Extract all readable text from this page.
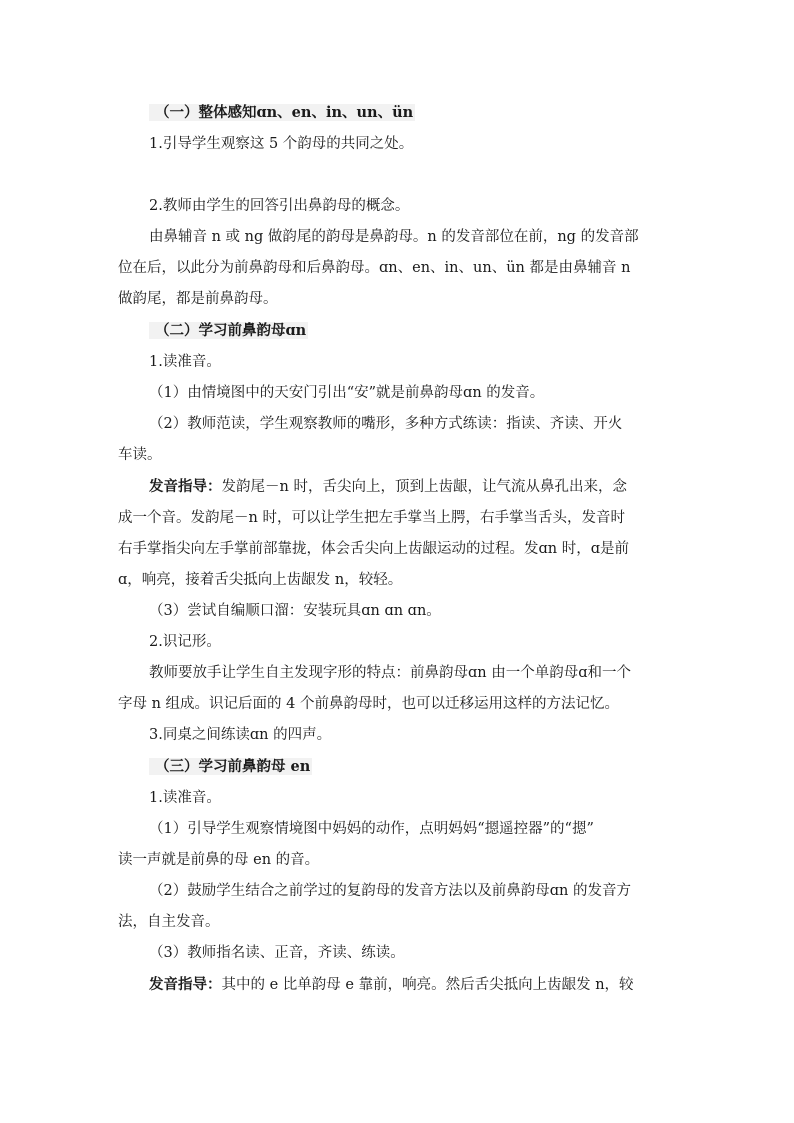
（一）整体感知ɑn、en、in、un、ün
1.引导学生观察这 5 个韵母的共同之处。
2.教师由学生的回答引出鼻韵母的概念。
由鼻辅音 n 或 ng 做韵尾的韵母是鼻韵母。n 的发音部位在前，ng 的发音部
位在后，以此分为前鼻韵母和后鼻韵母。ɑn、en、in、un、ün 都是由鼻辅音 n
做韵尾，都是前鼻韵母。
（二）学习前鼻韵母ɑn
1.读准音。
（1）由情境图中的天安门引出“安”就是前鼻韵母ɑn 的发音。
（2）教师范读，学生观察教师的嘴形，多种方式练读：指读、齐读、开火
车读。
发音指导：发韵尾－n 时，舌尖向上，顶到上齿龈，让气流从鼻孔出来，念
成一个音。发韵尾－n 时，可以让学生把左手掌当上腭，右手掌当舌头，发音时
右手掌指尖向左手掌前部靠拢，体会舌尖向上齿龈运动的过程。发ɑn 时，ɑ是前
ɑ，响亮，接着舌尖抵向上齿龈发 n，较轻。
（3）尝试自编顺口溜：安装玩具ɑn ɑn ɑn。
2.识记形。
教师要放手让学生自主发现字形的特点：前鼻韵母ɑn 由一个单韵母ɑ和一个
字母 n 组成。识记后面的 4 个前鼻韵母时，也可以迁移运用这样的方法记忆。
3.同桌之间练读ɑn 的四声。
（三）学习前鼻韵母 en
1.读准音。
（1）引导学生观察情境图中妈妈的动作，点明妈妈“摁遥控器”的“摁”
读一声就是前鼻的母 en 的音。
（2）鼓励学生结合之前学过的复韵母的发音方法以及前鼻韵母ɑn 的发音方
法，自主发音。
（3）教师指名读、正音，齐读、练读。
发音指导：其中的 e 比单韵母 e 靠前，响亮。然后舌尖抵向上齿龈发 n，较
